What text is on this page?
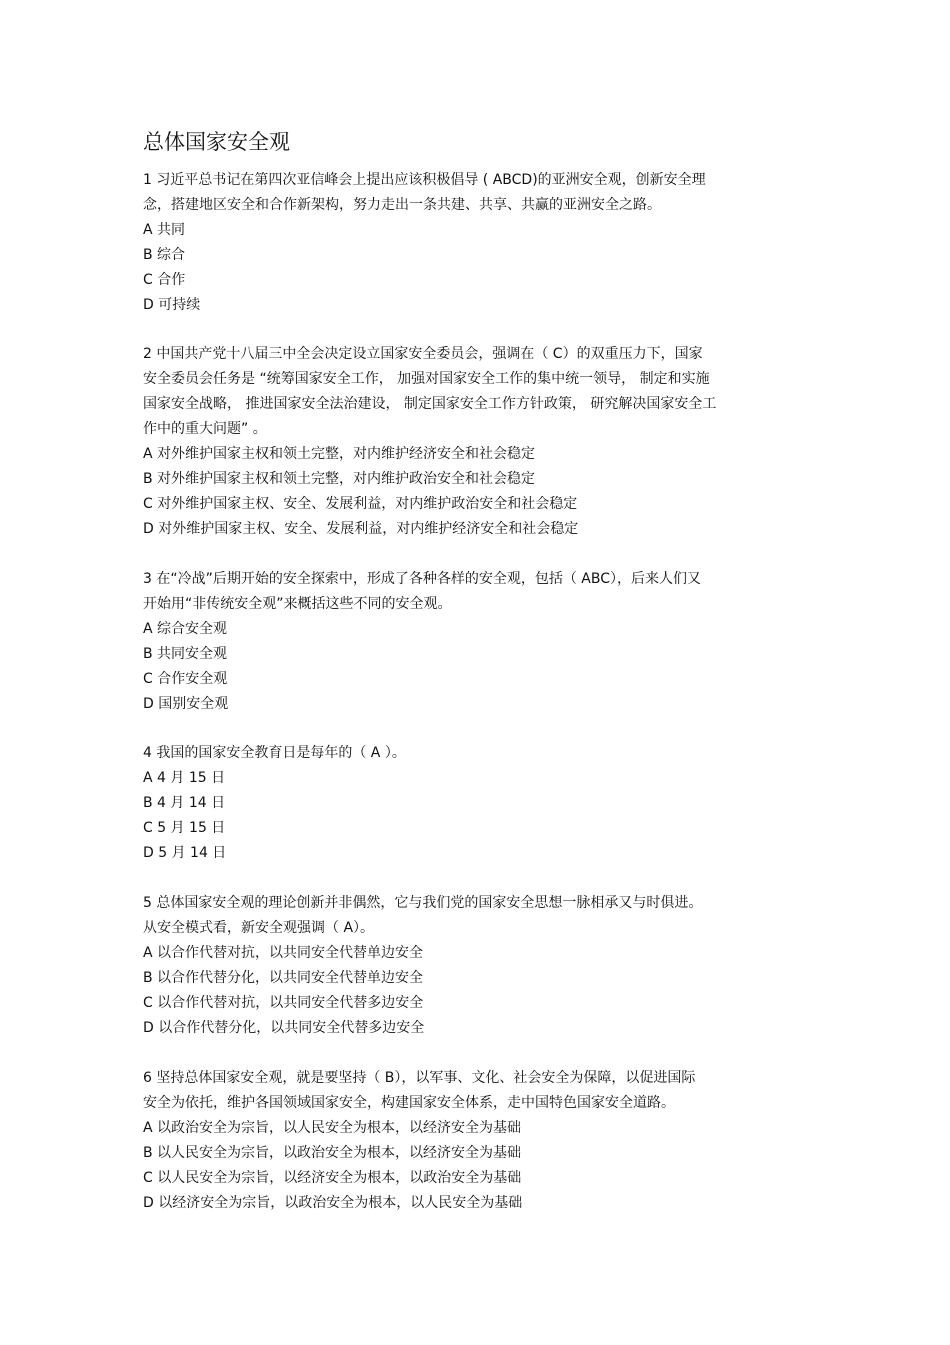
总体国家安全观

1 习近平总书记在第四次亚信峰会上提出应该积极倡导 ( ABCD)的亚洲安全观，创新安全理
念，搭建地区安全和合作新架构，努力走出一条共建、共享、共赢的亚洲安全之路。

A 共同
B 综合
C 合作
D 可持续

2 中国共产党十八届三中全会决定设立国家安全委员会，强调在（ C）的双重压力下，国家
安全委员会任务是 “统筹国家安全工作， 加强对国家安全工作的集中统一领导， 制定和实施
国家安全战略， 推进国家安全法治建设， 制定国家安全工作方针政策， 研究解决国家安全工
作中的重大问题” 。

A 对外维护国家主权和领土完整，对内维护经济安全和社会稳定
B 对外维护国家主权和领土完整，对内维护政治安全和社会稳定
C 对外维护国家主权、安全、发展利益，对内维护政治安全和社会稳定
D 对外维护国家主权、安全、发展利益，对内维护经济安全和社会稳定

3 在“冷战”后期开始的安全探索中，形成了各种各样的安全观，包括（ ABC），后来人们又
开始用“非传统安全观”来概括这些不同的安全观。

A 综合安全观
B 共同安全观
C 合作安全观
D 国别安全观

4 我国的国家安全教育日是每年的（ A ）。

A 4 月 15 日
B 4 月 14 日
C 5 月 15 日
D 5 月 14 日

5 总体国家安全观的理论创新并非偶然，它与我们党的国家安全思想一脉相承又与时俱进。
从安全模式看，新安全观强调（ A）。

A 以合作代替对抗，以共同安全代替单边安全
B 以合作代替分化，以共同安全代替单边安全
C 以合作代替对抗，以共同安全代替多边安全
D 以合作代替分化，以共同安全代替多边安全

6 坚持总体国家安全观，就是要坚持（ B），以军事、文化、社会安全为保障，以促进国际
安全为依托，维护各国领域国家安全，构建国家安全体系，走中国特色国家安全道路。

A 以政治安全为宗旨，以人民安全为根本，以经济安全为基础
B 以人民安全为宗旨，以政治安全为根本，以经济安全为基础
C 以人民安全为宗旨，以经济安全为根本，以政治安全为基础
D 以经济安全为宗旨，以政治安全为根本，以人民安全为基础
